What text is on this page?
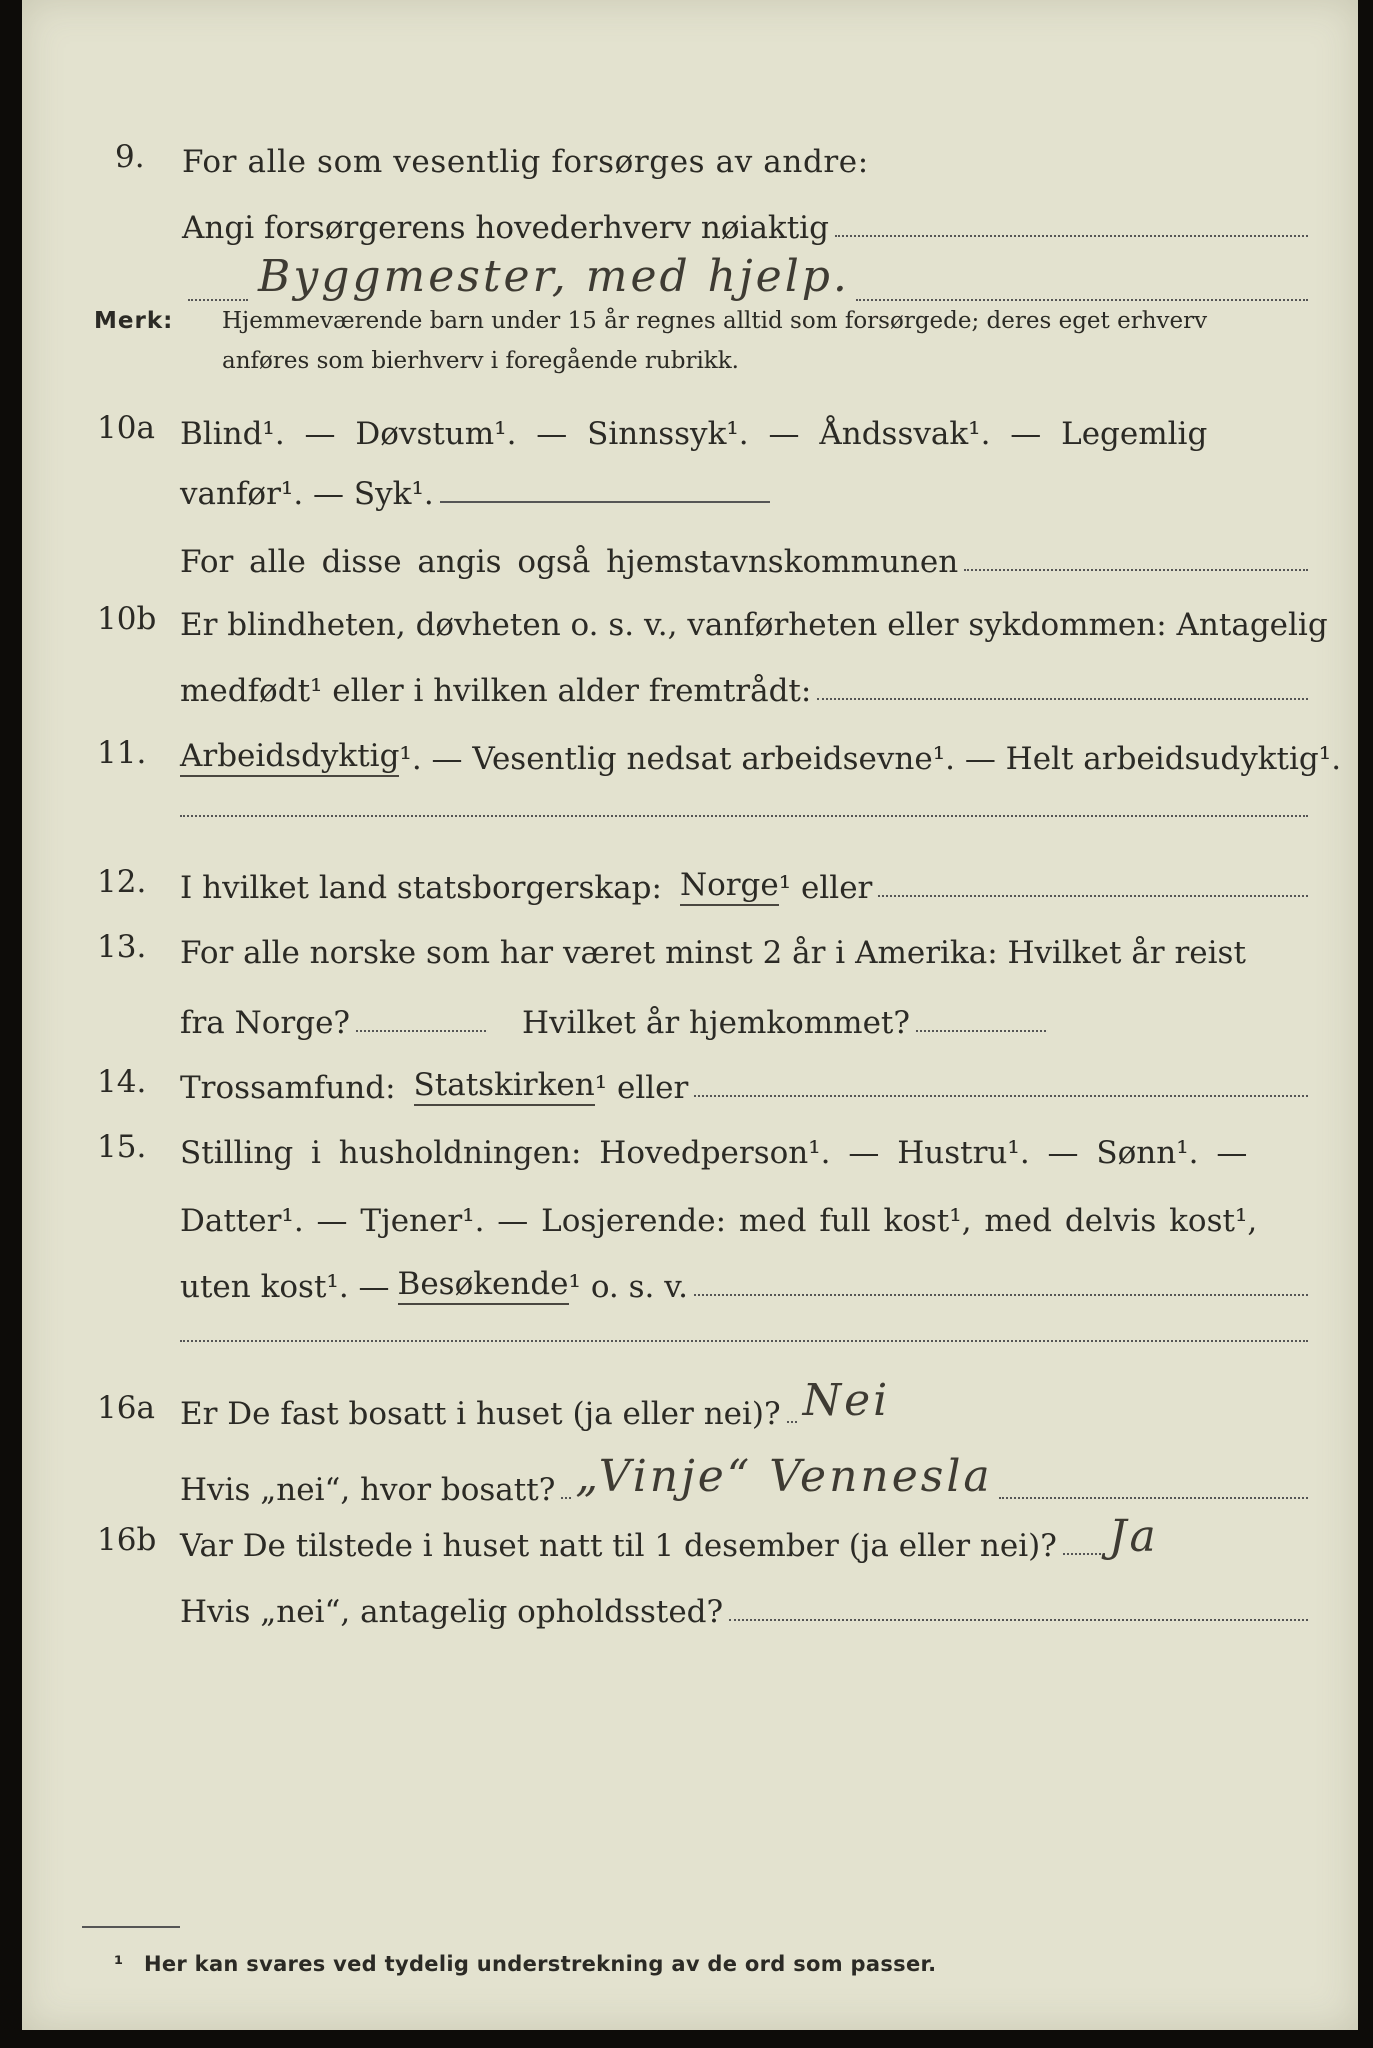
9. For alle som vesentlig forsørges av andre:
Angi forsørgerens hovederhverv nøiaktig
Byggmester, med hjelp.
Merk:	Hjemmeværende barn under 15 år regnes alltid som forsørgede; deres eget erhverv
anføres som bierhverv i foregående rubrikk.
10a Blind¹. — Døvstum¹. — Sinnssyk¹. — Åndssvak¹. — Legemlig
vanfør¹. — Syk¹.
For alle disse angis også hjemstavnskommunen
10b Er blindheten, døvheten o. s. v., vanførheten eller sykdommen: Antagelig
medfødt¹ eller i hvilken alder fremtrådt:
11. Arbeidsdyktig ¹. — Vesentlig nedsat arbeidsevne¹. — Helt arbeidsudyktig¹.
12. I hvilket land statsborgerskap: Norge ¹ eller
13. For alle norske som har været minst 2 år i Amerika: Hvilket år reist
fra Norge?	Hvilket år hjemkommet?
14. Trossamfund: Statskirken ¹ eller
15. Stilling i husholdningen: Hovedperson¹. — Hustru¹. — Sønn¹. —
Datter¹. — Tjener¹. — Losjerende: med full kost¹, med delvis kost¹,
uten kost¹. — Besøkende ¹ o. s. v.
16a Er De fast bosatt i huset (ja eller nei)? Nei
Hvis „nei“, hvor bosatt? „Vinje“ Vennesla
16b Var De tilstede i huset natt til 1 desember (ja eller nei)? Ja
Hvis „nei“, antagelig opholdssted?
¹ Her kan svares ved tydelig understrekning av de ord som passer.
